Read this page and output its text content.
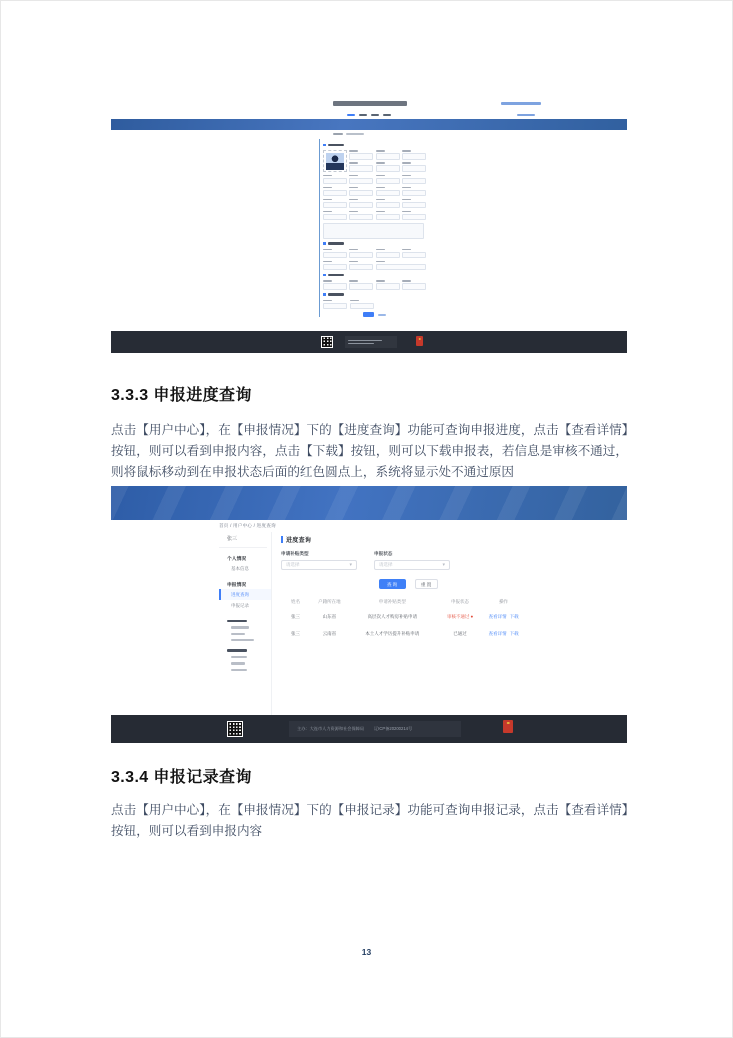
3.3.3 申报进度查询
点击【用户中心】，在【申报情况】下的【进度查询】功能可查询申报进度，点击【查看详情】按钮，则可以看到申报内容，点击【下载】按钮，则可以下载申报表，若信息是审核不通过，则将鼠标移动到在申报状态后面的红色圆点上，系统将显示处不通过原因
首页 / 用户中心 / 进度查询
张三
个人情况
基本信息
申报情况
进度查询
申报记录
进度查询
申请补贴类型
请选择	▾
申报状态
请选择	▾
查询	重置
姓名	户籍所在地	申请补贴类型	申报状态	操作
张三	山东省	高层次人才购房补贴申请	审核不通过●	查看详情 下载
张三	云南省	本土人才学历提升补贴申请	已通过	查看详情 下载
主办：大连市人力资源和社会保障局 辽ICP备20200214号
3.3.4 申报记录查询
点击【用户中心】，在【申报情况】下的【申报记录】功能可查询申报记录，点击【查看详情】按钮，则可以看到申报内容
13
